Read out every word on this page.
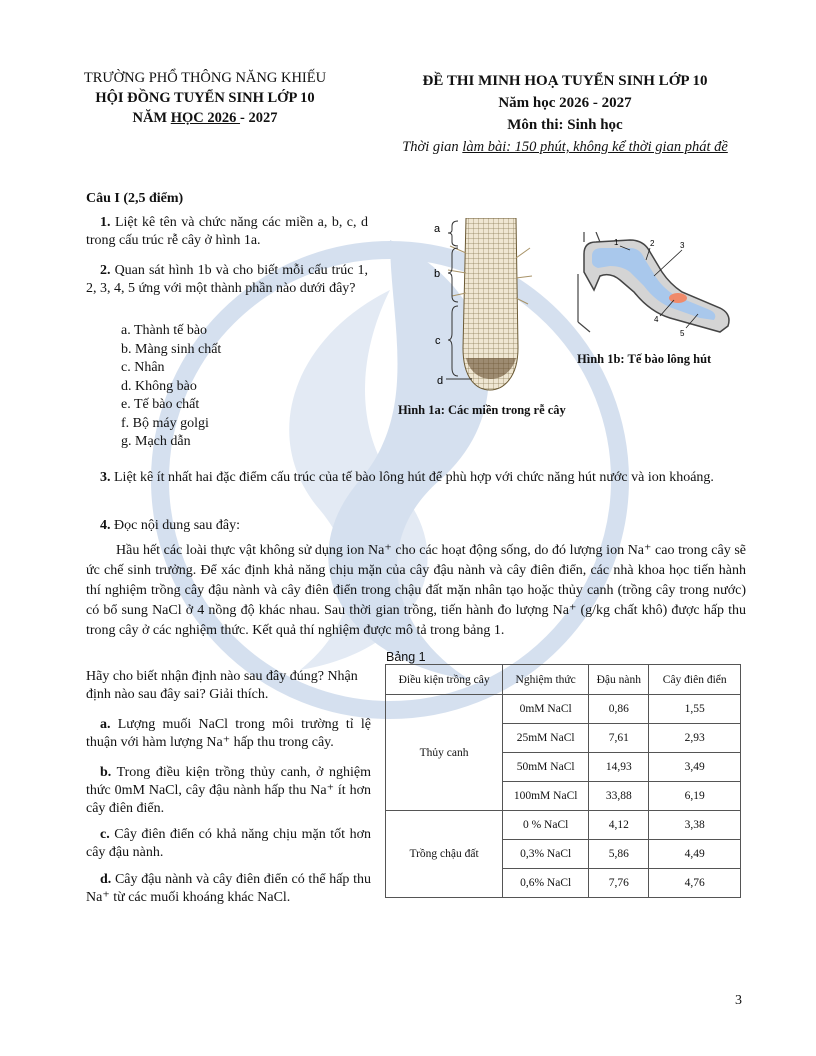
TRƯỜNG PHỔ THÔNG NĂNG KHIẾU
HỘI ĐỒNG TUYỂN SINH LỚP 10
NĂM HỌC 2026 - 2027
ĐỀ THI MINH HOẠ TUYỂN SINH LỚP 10
Năm học 2026 - 2027
Môn thi: Sinh học
Thời gian làm bài: 150 phút, không kể thời gian phát đề
Câu I (2,5 điểm)
1. Liệt kê tên và chức năng các miền a, b, c, d trong cấu trúc rễ cây ở hình 1a.
2. Quan sát hình 1b và cho biết mỗi cấu trúc 1, 2, 3, 4, 5 ứng với một thành phần nào dưới đây?
a. Thành tế bào
b. Màng sinh chất
c. Nhân
d. Không bào
e. Tế bào chất
f. Bộ máy golgi
g. Mạch dẫn
a
b
c
d
Hình 1a: Các miền trong rễ cây
1	2	3
4
5
Hình 1b: Tế bào lông hút
3. Liệt kê ít nhất hai đặc điểm cấu trúc của tế bào lông hút để phù hợp với chức năng hút nước và ion khoáng.
4. Đọc nội dung sau đây:
Hầu hết các loài thực vật không sử dụng ion Na⁺ cho các hoạt động sống, do đó lượng ion Na⁺ cao trong cây sẽ ức chế sinh trưởng. Để xác định khả năng chịu mặn của cây đậu nành và cây điên điển, các nhà khoa học tiến hành thí nghiệm trồng cây đậu nành và cây điên điển trong chậu đất mặn nhân tạo hoặc thủy canh (trồng cây trong nước) có bổ sung NaCl ở 4 nồng độ khác nhau. Sau thời gian trồng, tiến hành đo lượng Na⁺ (g/kg chất khô) được hấp thu trong cây ở các nghiệm thức. Kết quả thí nghiệm được mô tả trong bảng 1.
Hãy cho biết nhận định nào sau đây đúng? Nhận định nào sau đây sai? Giải thích.
a. Lượng muối NaCl trong môi trường tỉ lệ thuận với hàm lượng Na⁺ hấp thu trong cây.
b. Trong điều kiện trồng thủy canh, ở nghiệm thức 0mM NaCl, cây đậu nành hấp thu Na⁺ ít hơn cây điên điển.
c. Cây điên điển có khả năng chịu mặn tốt hơn cây đậu nành.
d. Cây đậu nành và cây điên điển có thể hấp thu Na⁺ từ các muối khoáng khác NaCl.
Bảng 1
Điều kiện trồng cây	Nghiệm thức	Đậu nành	Cây điên điển
Thủy canh	0mM NaCl	0,86	1,55
	25mM NaCl	7,61	2,93
	50mM NaCl	14,93	3,49
	100mM NaCl	33,88	6,19
Trồng chậu đất	0 % NaCl	4,12	3,38
	0,3% NaCl	5,86	4,49
	0,6% NaCl	7,76	4,76
3
